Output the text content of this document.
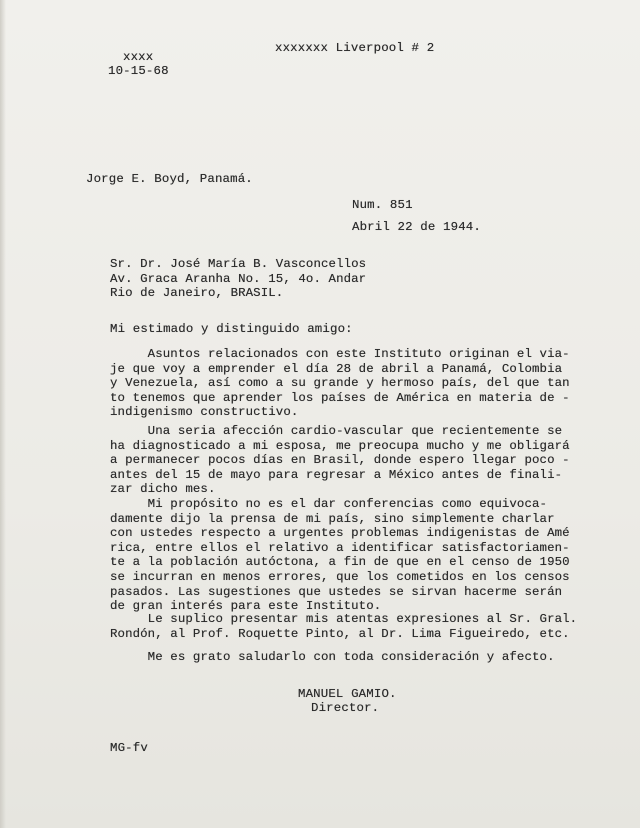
xxxx
10-15-68
xxxxxxx Liverpool # 2
Jorge E. Boyd, Panamá.
Num. 851
Abril 22 de 1944.
Sr. Dr. José María B. Vasconcellos
Av. Graca Aranha No. 15, 4o. Andar
Rio de Janeiro, BRASIL.
Mi estimado y distinguido amigo:
Asuntos relacionados con este Instituto originan el via-
je que voy a emprender el día 28 de abril a Panamá, Colombia
y Venezuela, así como a su grande y hermoso país, del que tan
to tenemos que aprender los países de América en materia de -
indigenismo constructivo.
Una seria afección cardio-vascular que recientemente se
ha diagnosticado a mi esposa, me preocupa mucho y me obligará
a permanecer pocos días en Brasil, donde espero llegar poco -
antes del 15 de mayo para regresar a México antes de finali-
zar dicho mes.
Mi propósito no es el dar conferencias como equivoca-
damente dijo la prensa de mi país, sino simplemente charlar
con ustedes respecto a urgentes problemas indigenistas de Amé
rica, entre ellos el relativo a identificar satisfactoriamen-
te a la población autóctona, a fin de que en el censo de 1950
se incurran en menos errores, que los cometidos en los censos
pasados. Las sugestiones que ustedes se sirvan hacerme serán
de gran interés para este Instituto.
Le suplico presentar mis atentas expresiones al Sr. Gral.
Rondón, al Prof. Roquette Pinto, al Dr. Lima Figueiredo, etc.
Me es grato saludarlo con toda consideración y afecto.
MANUEL GAMIO.
Director.
MG-fv
